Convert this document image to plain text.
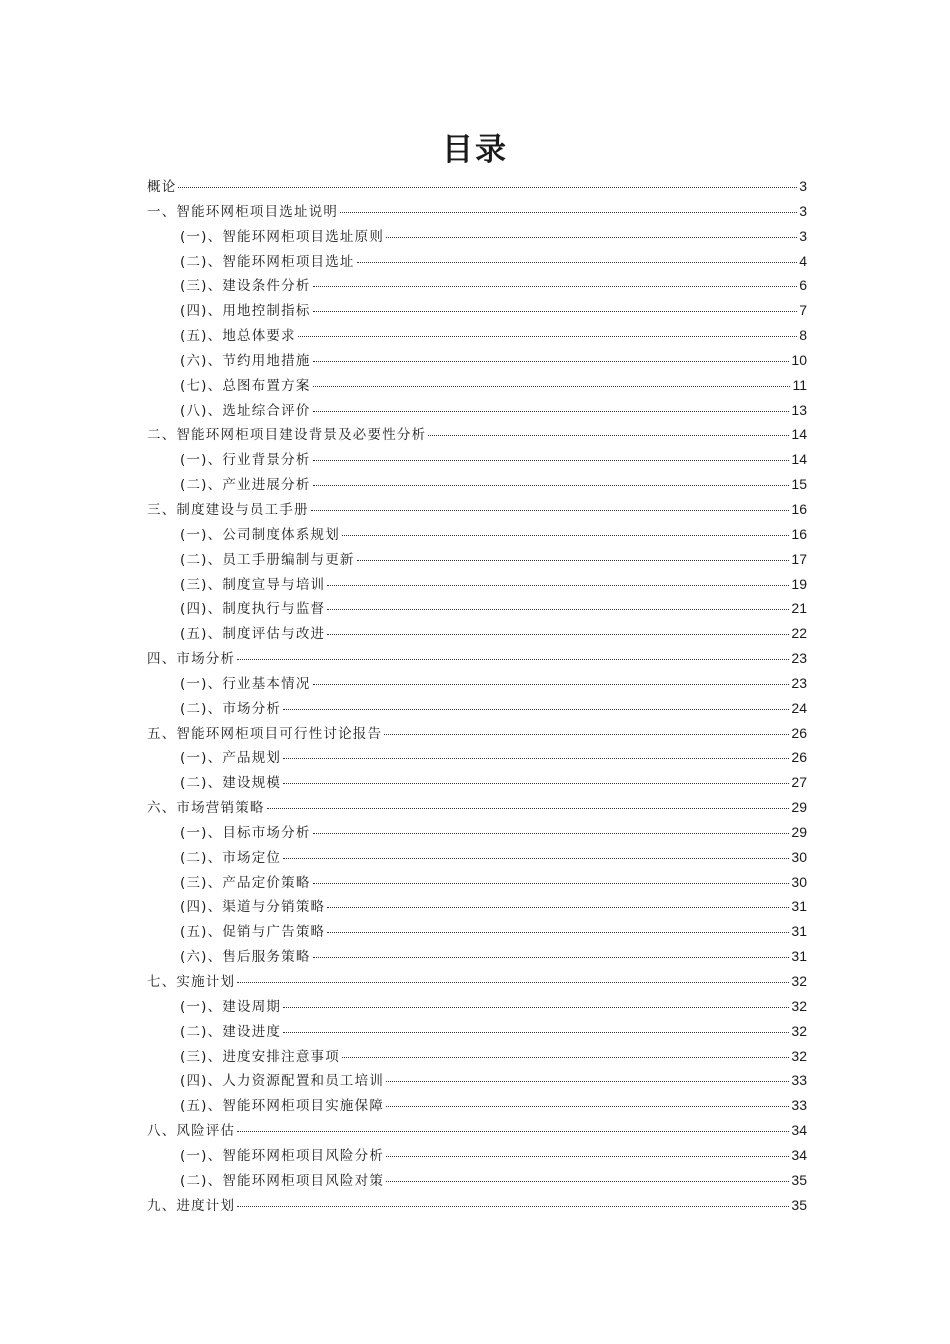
目录
概论	3
一、智能环网柜项目选址说明	3
(一)、智能环网柜项目选址原则	3
(二)、智能环网柜项目选址	4
(三)、建设条件分析	6
(四)、用地控制指标	7
(五)、地总体要求	8
(六)、节约用地措施	10
(七)、总图布置方案	11
(八)、选址综合评价	13
二、智能环网柜项目建设背景及必要性分析	14
(一)、行业背景分析	14
(二)、产业进展分析	15
三、制度建设与员工手册	16
(一)、公司制度体系规划	16
(二)、员工手册编制与更新	17
(三)、制度宣导与培训	19
(四)、制度执行与监督	21
(五)、制度评估与改进	22
四、市场分析	23
(一)、行业基本情况	23
(二)、市场分析	24
五、智能环网柜项目可行性讨论报告	26
(一)、产品规划	26
(二)、建设规模	27
六、市场营销策略	29
(一)、目标市场分析	29
(二)、市场定位	30
(三)、产品定价策略	30
(四)、渠道与分销策略	31
(五)、促销与广告策略	31
(六)、售后服务策略	31
七、实施计划	32
(一)、建设周期	32
(二)、建设进度	32
(三)、进度安排注意事项	32
(四)、人力资源配置和员工培训	33
(五)、智能环网柜项目实施保障	33
八、风险评估	34
(一)、智能环网柜项目风险分析	34
(二)、智能环网柜项目风险对策	35
九、进度计划	35
